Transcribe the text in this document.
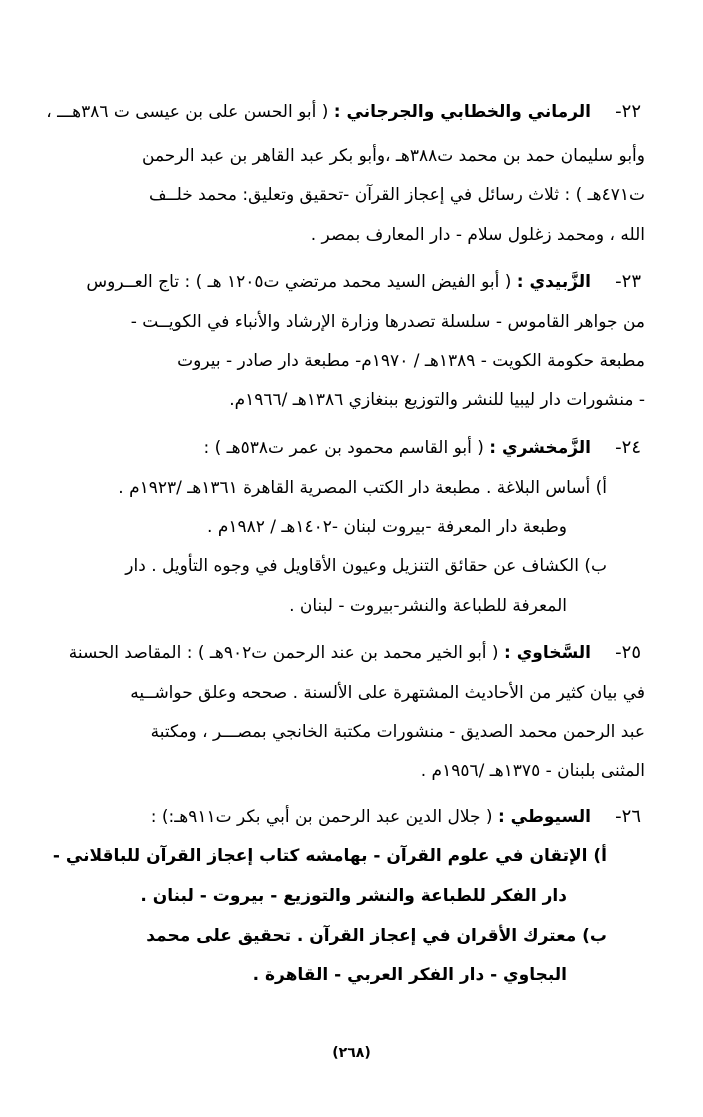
٢٢-
الرماني والخطابي والجرجاني : ( أبو الحسن على بن عيسى ت ٣٨٦هـــ ،
وأبو سليمان حمد بن محمد ت٣٨٨هـ ،وأبو بكر عبد القاهر بن عبد الرحمن
ت٤٧١هـ ) : ثلاث رسائل في إعجاز القرآن -تحقيق وتعليق: محمد خلــف
الله ، ومحمد زغلول سلام - دار المعارف بمصر .
٢٣-
الزَّبيدي : ( أبو الفيض السيد محمد مرتضي ت١٢٠٥ هـ ) : تاج العــروس
من جواهر القاموس - سلسلة تصدرها وزارة الإرشاد والأنباء في الكويــت -
مطبعة حكومة الكويت - ١٣٨٩هـ / ١٩٧٠م- مطبعة دار صادر - بيروت
- منشورات دار ليبيا للنشر والتوزيع ببنغازي ١٣٨٦هـ /١٩٦٦م.
٢٤-
الزَّمخشري : ( أبو القاسم محمود بن عمر ت٥٣٨هـ ) :
أ) أساس البلاغة . مطبعة دار الكتب المصرية القاهرة ١٣٦١هـ /١٩٢٣م .
وطبعة دار المعرفة -بيروت لبنان -١٤٠٢هـ / ١٩٨٢م .
ب) الكشاف عن حقائق التنزيل وعيون الأقاويل في وجوه التأويل . دار
المعرفة للطباعة والنشر-بيروت - لبنان .
٢٥-
السَّخاوي : ( أبو الخير محمد بن عند الرحمن ت٩٠٢هـ ) : المقاصد الحسنة
في بيان كثير من الأحاديث المشتهرة على الألسنة . صححه وعلق حواشــيه
عبد الرحمن محمد الصديق - منشورات مكتبة الخانجي بمصـــر ، ومكتبة
المثنى بلبنان - ١٣٧٥هـ /١٩٥٦م .
٢٦-
السيوطي : ( جلال الدين عبد الرحمن بن أبي بكر ت٩١١هـ:) :
أ) الإتقان في علوم القرآن - بهامشه كتاب إعجاز القرآن للباقلاني -
دار الفكر للطباعة والنشر والتوزيع - بيروت - لبنان .
ب) معترك الأقران في إعجاز القرآن . تحقيق على محمد
البجاوي - دار الفكر العربي - القاهرة .
(٢٦٨)
